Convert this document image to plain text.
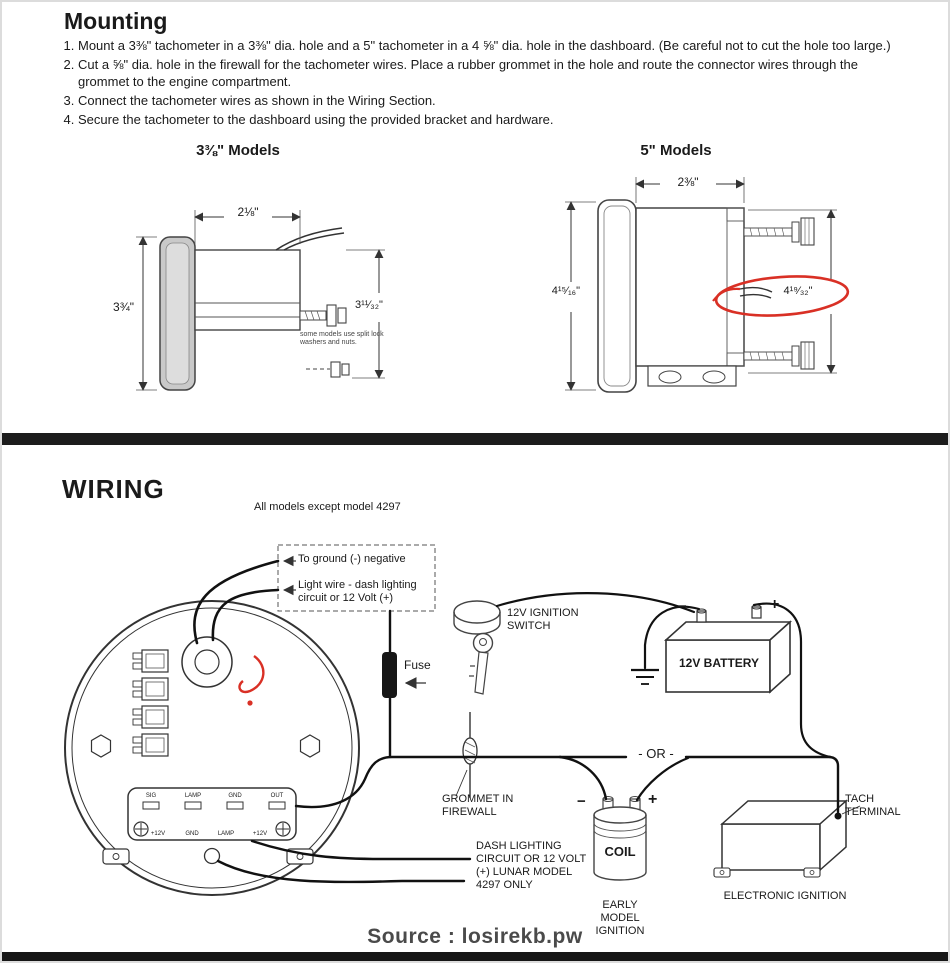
Mounting
1. Mount a 3⅜" tachometer in a 3⅜" dia. hole and a 5" tachometer in a 4 ⅝" dia. hole in the dashboard. (Be careful not to cut the hole too large.)
2. Cut a ⅝" dia. hole in the firewall for the tachometer wires. Place a rubber grommet in the hole and route the connector wires through the grommet to the engine compartment.
3. Connect the tachometer wires as shown in the Wiring Section.
4. Secure the tachometer to the dashboard using the provided bracket and hardware.
3⅜" Models	5" Models
2⅛"
3¾"	3¹¹⁄₃₂"
some models use split lock washers and nuts.
2⅜"
4¹⁵⁄₁₆"	4¹⁹⁄₃₂"
WIRING
All models except model 4297
To ground (-) negative
Light wire - dash lighting circuit or 12 Volt (+)
12V IGNITION SWITCH
Fuse	12V BATTERY
−	+
- OR -
GROMMET IN FIREWALL
−	+
COIL
DASH LIGHTING CIRCUIT OR 12 VOLT (+) LUNAR MODEL 4297 ONLY
EARLY MODEL IGNITION
ELECTRONIC IGNITION
TACH TERMINAL
SIG	LAMP	GND	OUT
+12V	GND	LAMP	+12V
Source : losirekb.pw
